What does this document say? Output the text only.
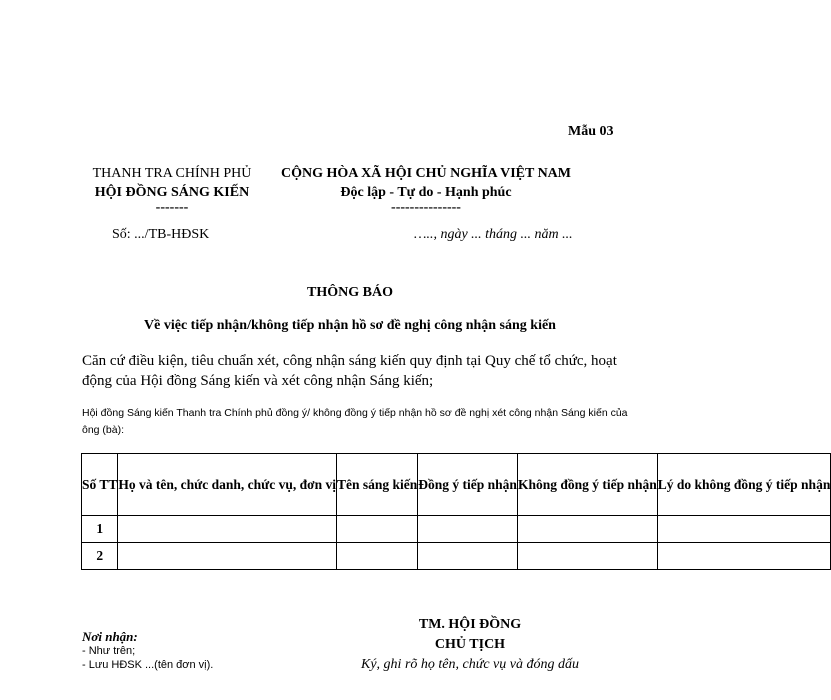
Mẫu 03
THANH TRA CHÍNH PHỦ
HỘI ĐỒNG SÁNG KIẾN
-------
CỘNG HÒA XÃ HỘI CHỦ NGHĨA VIỆT NAM
Độc lập - Tự do - Hạnh phúc
---------------
Số: .../TB-HĐSK	….., ngày ... tháng ... năm ...
THÔNG BÁO
Về việc tiếp nhận/không tiếp nhận hồ sơ đề nghị công nhận sáng kiến
Căn cứ điều kiện, tiêu chuẩn xét, công nhận sáng kiến quy định tại Quy chế tổ chức, hoạt động của Hội đồng Sáng kiến và xét công nhận Sáng kiến;
Hội đồng Sáng kiến Thanh tra Chính phủ đồng ý/ không đồng ý tiếp nhận hồ sơ đề nghị xét công nhận Sáng kiến của ông (bà):
Số TT	Họ và tên, chức danh, chức vụ, đơn vị	Tên sáng kiến	Đồng ý tiếp nhận	Không đồng ý tiếp nhận	Lý do không đồng ý tiếp nhận
1					
2					
Nơi nhận:
- Như trên;
- Lưu HĐSK ...(tên đơn vị).
TM. HỘI ĐỒNG
CHỦ TỊCH
Ký, ghi rõ họ tên, chức vụ và đóng dấu
